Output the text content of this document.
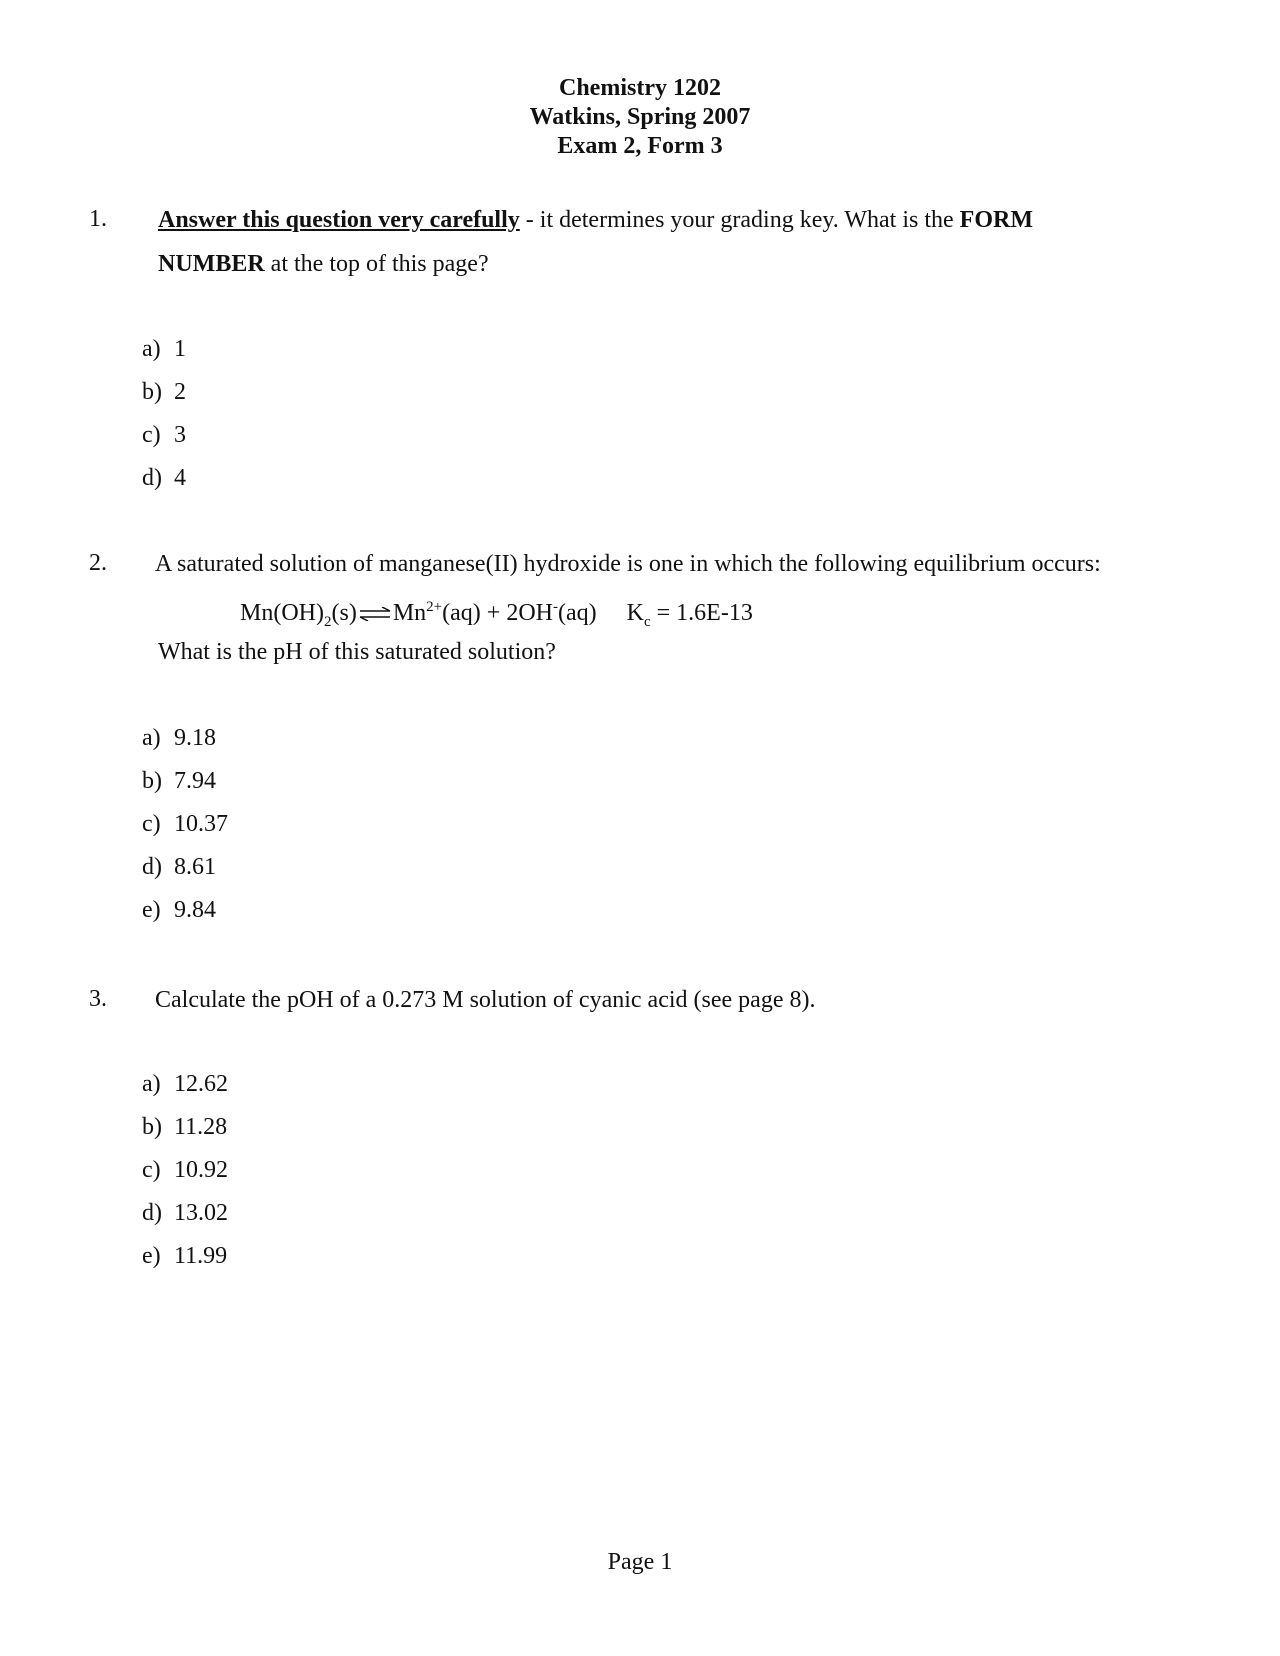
Chemistry 1202
Watkins, Spring 2007
Exam 2, Form 3
1. Answer this question very carefully - it determines your grading key. What is the FORM
NUMBER at the top of this page?
a) 1
b) 2
c) 3
d) 4
2. A saturated solution of manganese(II) hydroxide is one in which the following equilibrium occurs:
$Mn(OH)_2(s)\rightleftharpoons Mn^{2+}(aq) + 2OH^-(aq) K_c = 1.6E-13$
What is the pH of this saturated solution?
a) 9.18
b) 7.94
c) 10.37
d) 8.61
e) 9.84
3. Calculate the pOH of a 0.273 M solution of cyanic acid (see page 8).
a) 12.62
b) 11.28
c) 10.92
d) 13.02
e) 11.99
Page 1
